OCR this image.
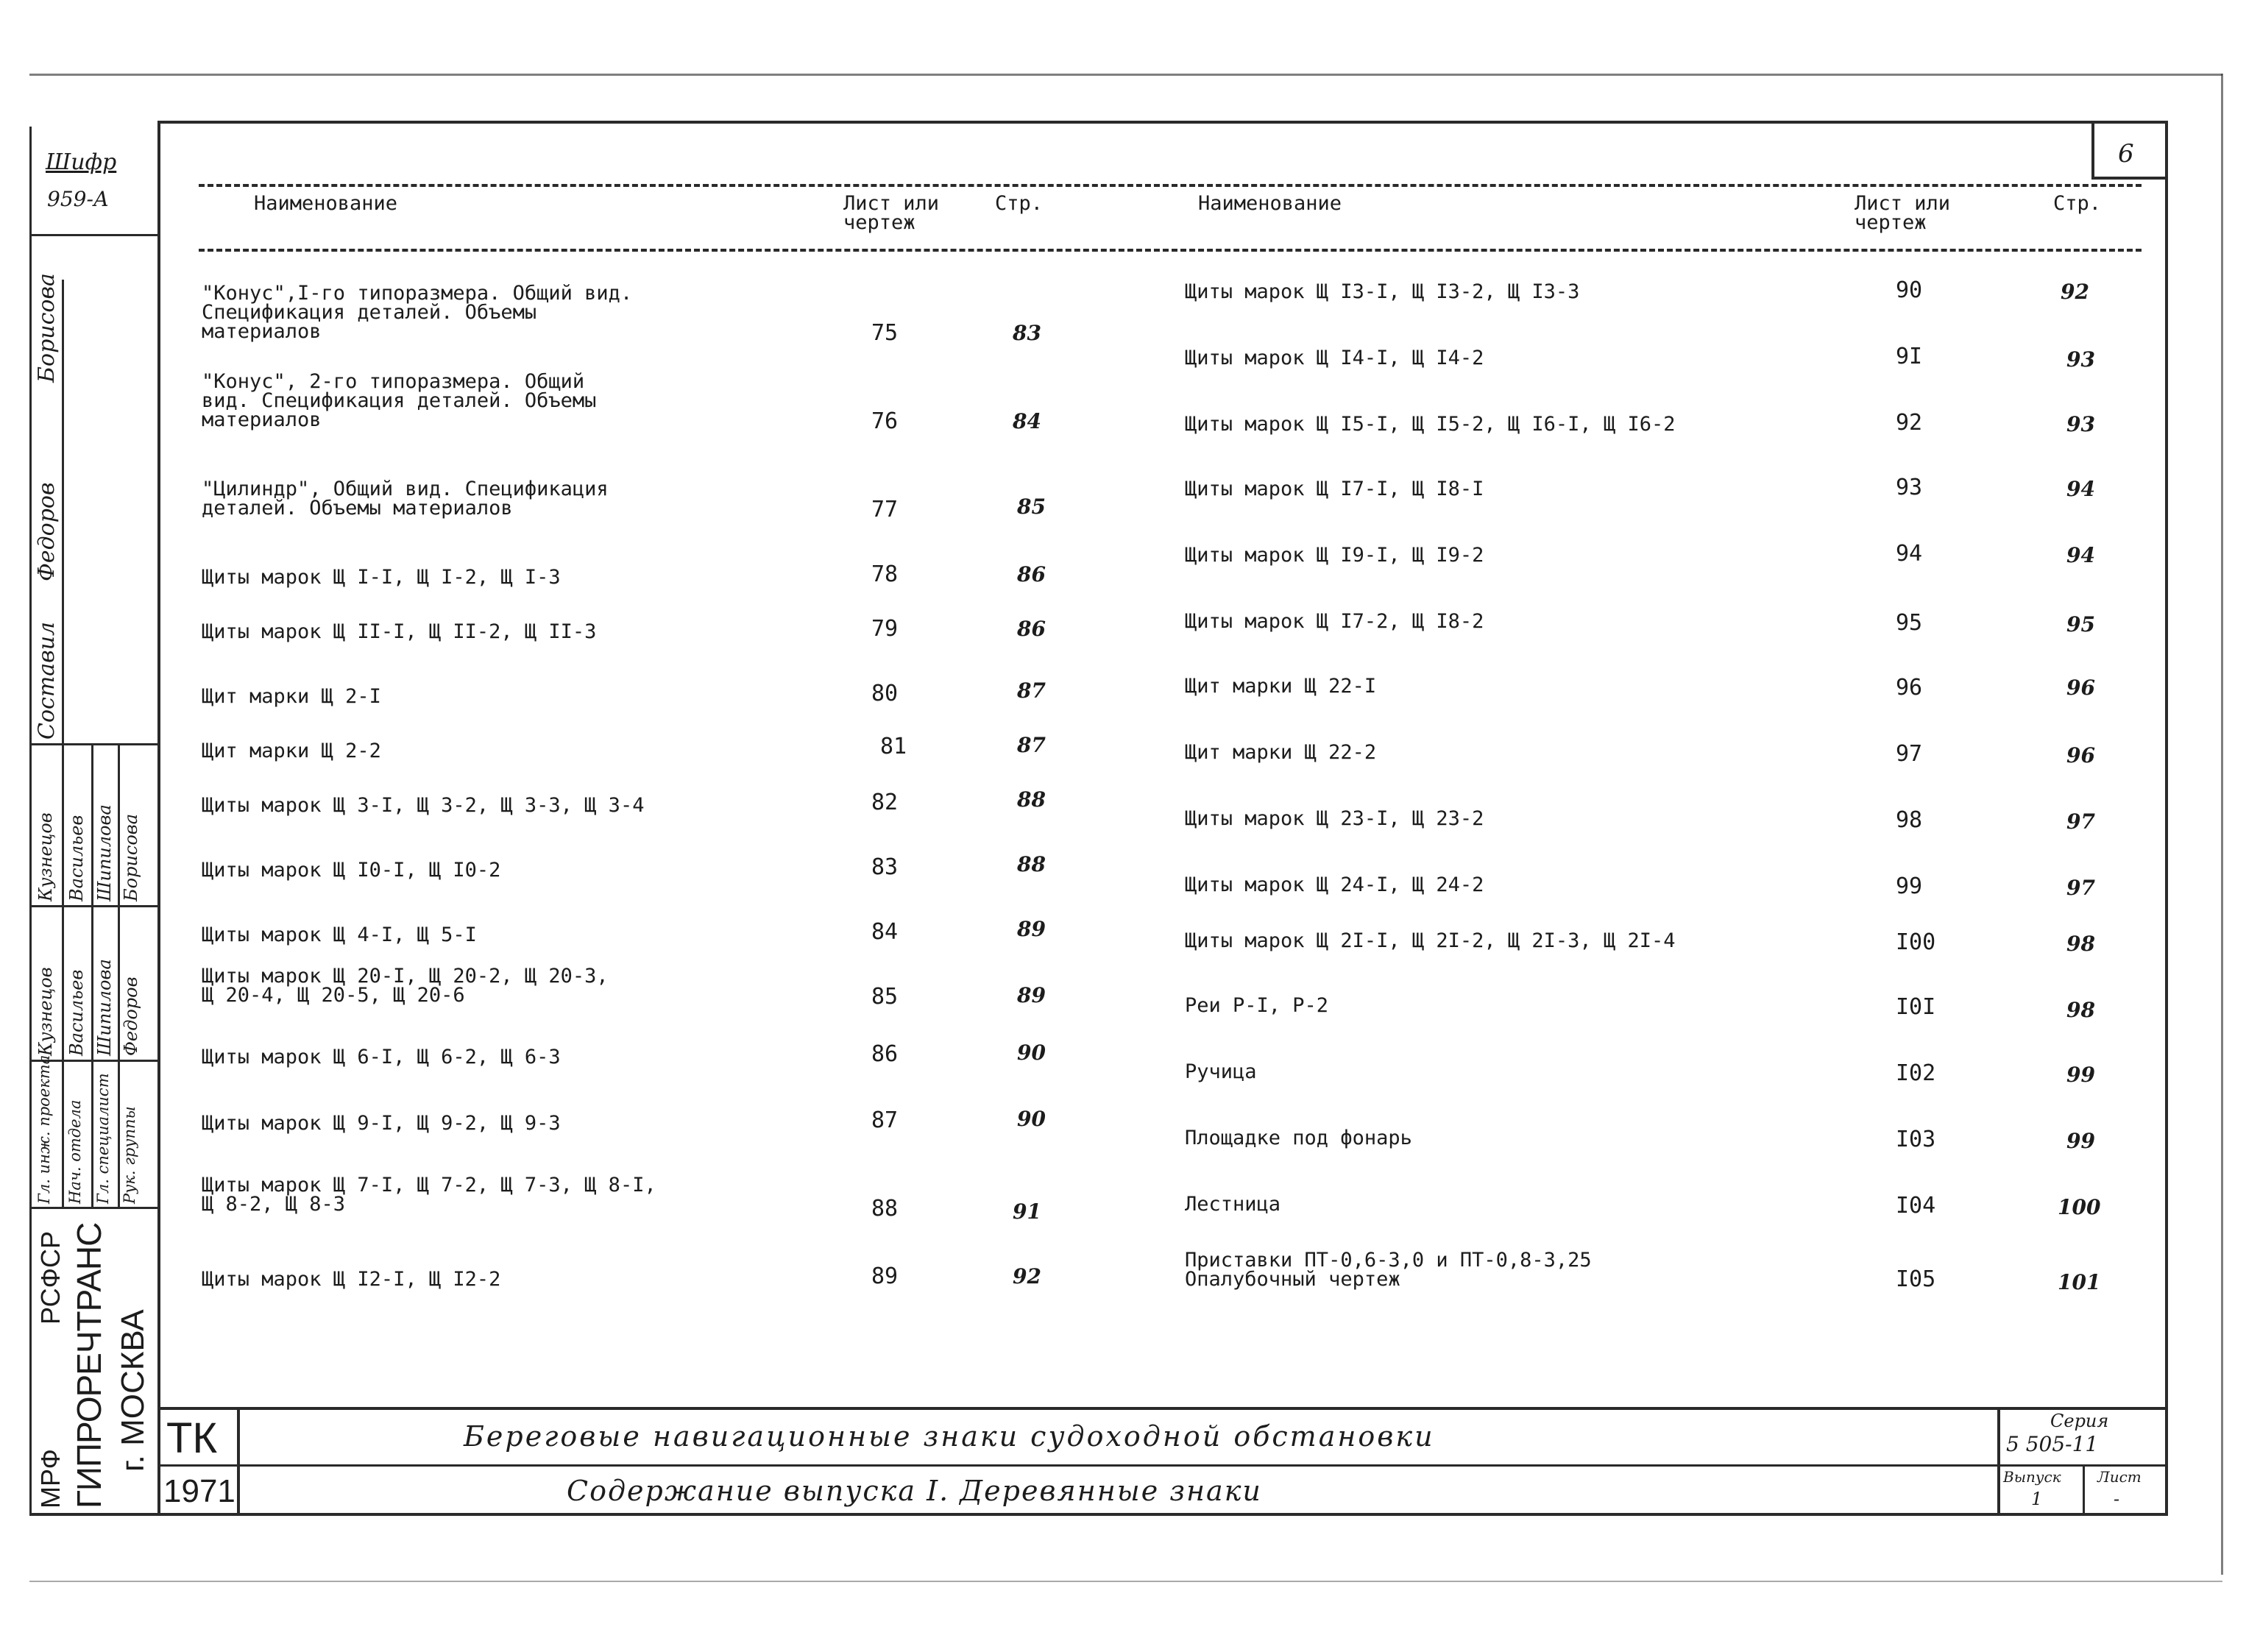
Шифр
959-А
Борисова
Федоров
Составил
Кузнецов Васильев Шипилова Борисова
Кузнецов Васильев Шипилова Федоров
Гл. инж. проекта Нач. отдела Гл. специалист Рук. группы
МРФ
РСФСР ГИПРОРЕЧТРАНС г. МОСКВА
6
Наименование	Лист или
чертеж
Стр.	Наименование	Лист или
чертеж
Стр.
"Конус",I-го типоразмера. Общий вид.
Спецификация деталей. Объемы
материалов	75	83
"Конус", 2-го типоразмера. Общий
вид. Спецификация деталей. Объемы
материалов	76	84
"Цилиндр", Общий вид. Спецификация
деталей. Объемы материалов	77	85
Щиты марок Щ I-I, Щ I-2, Щ I-3	78	86
Щиты марок Щ II-I, Щ II-2, Щ II-3	79	86
Щит марки Щ 2-I	80	87
Щит марки Щ 2-2	81	87
Щиты марок Щ 3-I, Щ 3-2, Щ 3-3, Щ 3-4	82	88
Щиты марок Щ I0-I, Щ I0-2	83	88
Щиты марок Щ 4-I, Щ 5-I	84	89
Щиты марок Щ 20-I, Щ 20-2, Щ 20-3,
Щ 20-4, Щ 20-5, Щ 20-6	85	89
Щиты марок Щ 6-I, Щ 6-2, Щ 6-3	86	90
Щиты марок Щ 9-I, Щ 9-2, Щ 9-3	87	90
Щиты марок Щ 7-I, Щ 7-2, Щ 7-3, Щ 8-I,
Щ 8-2, Щ 8-3	88	91
Щиты марок Щ I2-I, Щ I2-2	89	92
Щиты марок Щ I3-I, Щ I3-2, Щ I3-3	90	92
Щиты марок Щ I4-I, Щ I4-2	9I	93
Щиты марок Щ I5-I, Щ I5-2, Щ I6-I, Щ I6-2	92	93
Щиты марок Щ I7-I, Щ I8-I	93	94
Щиты марок Щ I9-I, Щ I9-2	94	94
Щиты марок Щ I7-2, Щ I8-2	95	95
Щит марки Щ 22-I	96	96
Щит марки Щ 22-2	97	96
Щиты марок Щ 23-I, Щ 23-2	98	97
Щиты марок Щ 24-I, Щ 24-2	99	97
Щиты марок Щ 2I-I, Щ 2I-2, Щ 2I-3, Щ 2I-4	I00	98
Реи Р-I, Р-2	I0I	98
Ручица	I02	99
Площадке под фонарь	I03	99
Лестница	I04	100
Приставки ПТ-0,6-3,0 и ПТ-0,8-3,25
Опалубочный чертеж	I05	101
ТК
1971
Береговые навигационные знаки судоходной обстановки
Содержание выпуска I. Деревянные знаки
Серия
5 505-11
Выпуск
1
Лист
-
